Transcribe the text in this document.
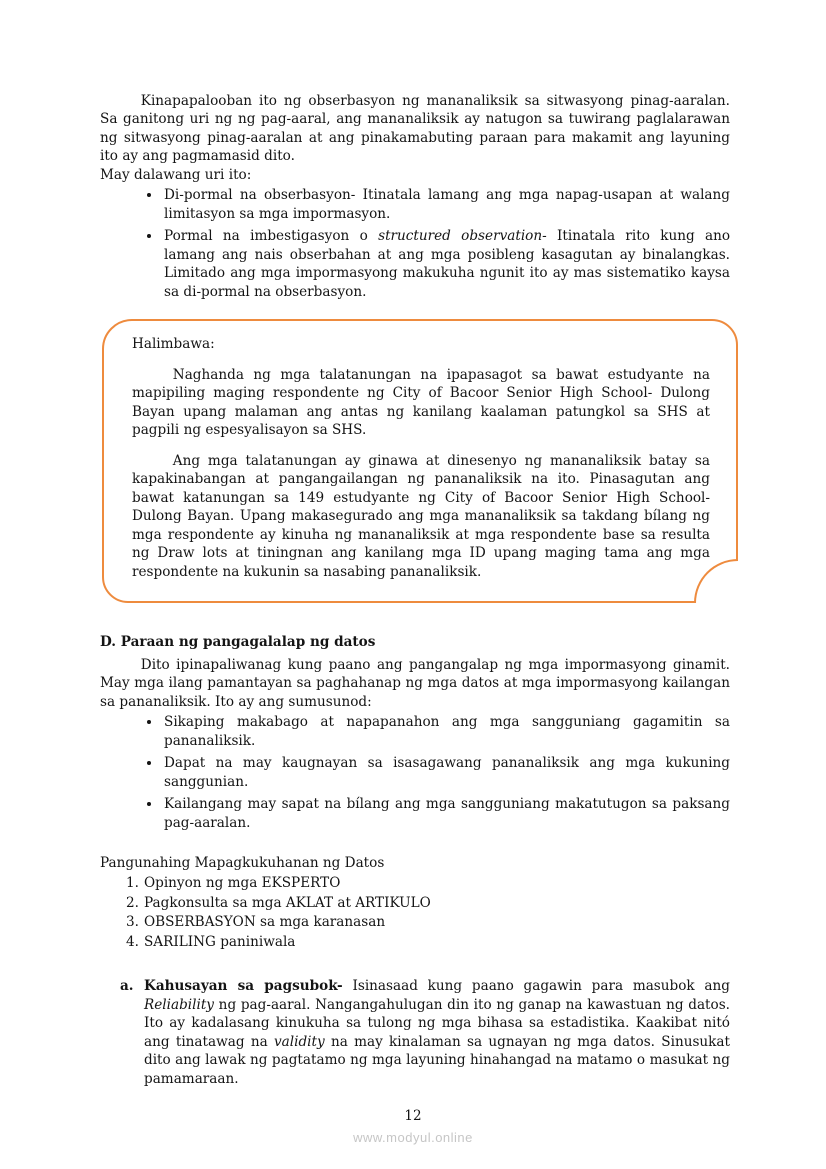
Kinapapalooban ito ng obserbasyon ng mananaliksik sa sitwasyong pinag-aaralan. Sa ganitong uri ng ng pag-aaral, ang mananaliksik ay natugon sa tuwirang paglalarawan ng sitwasyong pinag-aaralan at ang pinakamabuting paraan para makamit ang layuning ito ay ang pagmamasid dito.

May dalawang uri ito:

• Di-pormal na obserbasyon- Itinatala lamang ang mga napag-usapan at walang limitasyon sa mga impormasyon.
• Pormal na imbestigasyon o structured observation- Itinatala rito kung ano lamang ang nais obserbahan at ang mga posibleng kasagutan ay binalangkas. Limitado ang mga impormasyong makukuha ngunit ito ay mas sistematiko kaysa sa di-pormal na obserbasyon.

Halimbawa:

Naghanda ng mga talatanungan na ipapasagot sa bawat estudyante na mapipiling maging respondente ng City of Bacoor Senior High School- Dulong Bayan upang malaman ang antas ng kanilang kaalaman patungkol sa SHS at pagpili ng espesyalisayon sa SHS.

Ang mga talatanungan ay ginawa at dinesenyo ng mananaliksik batay sa kapakinabangan at pangangailangan ng pananaliksik na ito. Pinasagutan ang bawat katanungan sa 149 estudyante ng City of Bacoor Senior High School- Dulong Bayan. Upang makasegurado ang mga mananaliksik sa takdang bílang ng mga respondente ay kinuha ng mananaliksik at mga respondente base sa resulta ng Draw lots at tiningnan ang kanilang mga ID upang maging tama ang mga respondente na kukunin sa nasabing pananaliksik.

D. Paraan ng pangagalalap ng datos

Dito ipinapaliwanag kung paano ang pangangalap ng mga impormasyong ginamit. May mga ilang pamantayan sa paghahanap ng mga datos at mga impormasyong kailangan sa pananaliksik. Ito ay ang sumusunod:

• Sikaping makabago at napapanahon ang mga sangguniang gagamitin sa pananaliksik.
• Dapat na may kaugnayan sa isasagawang pananaliksik ang mga kukuning sanggunian.
• Kailangang may sapat na bílang ang mga sangguniang makatutugon sa paksang pag-aaralan.

Pangunahing Mapagkukuhanan ng Datos

1. Opinyon ng mga EKSPERTO
2. Pagkonsulta sa mga AKLAT at ARTIKULO
3. OBSERBASYON sa mga karanasan
4. SARILING paniniwala
a. Kahusayan sa pagsubok- Isinasaad kung paano gagawin para masubok ang Reliability ng pag-aaral. Nangangahulugan din ito ng ganap na kawastuan ng datos. Ito ay kadalasang kinukuha sa tulong ng mga bihasa sa estadistika. Kaakibat nitó ang tinatawag na validity na may kinalaman sa ugnayan ng mga datos. Sinusukat dito ang lawak ng pagtatamo ng mga layuning hinahangad na matamo o masukat ng pamamaraan.
12
www.modyul.online
